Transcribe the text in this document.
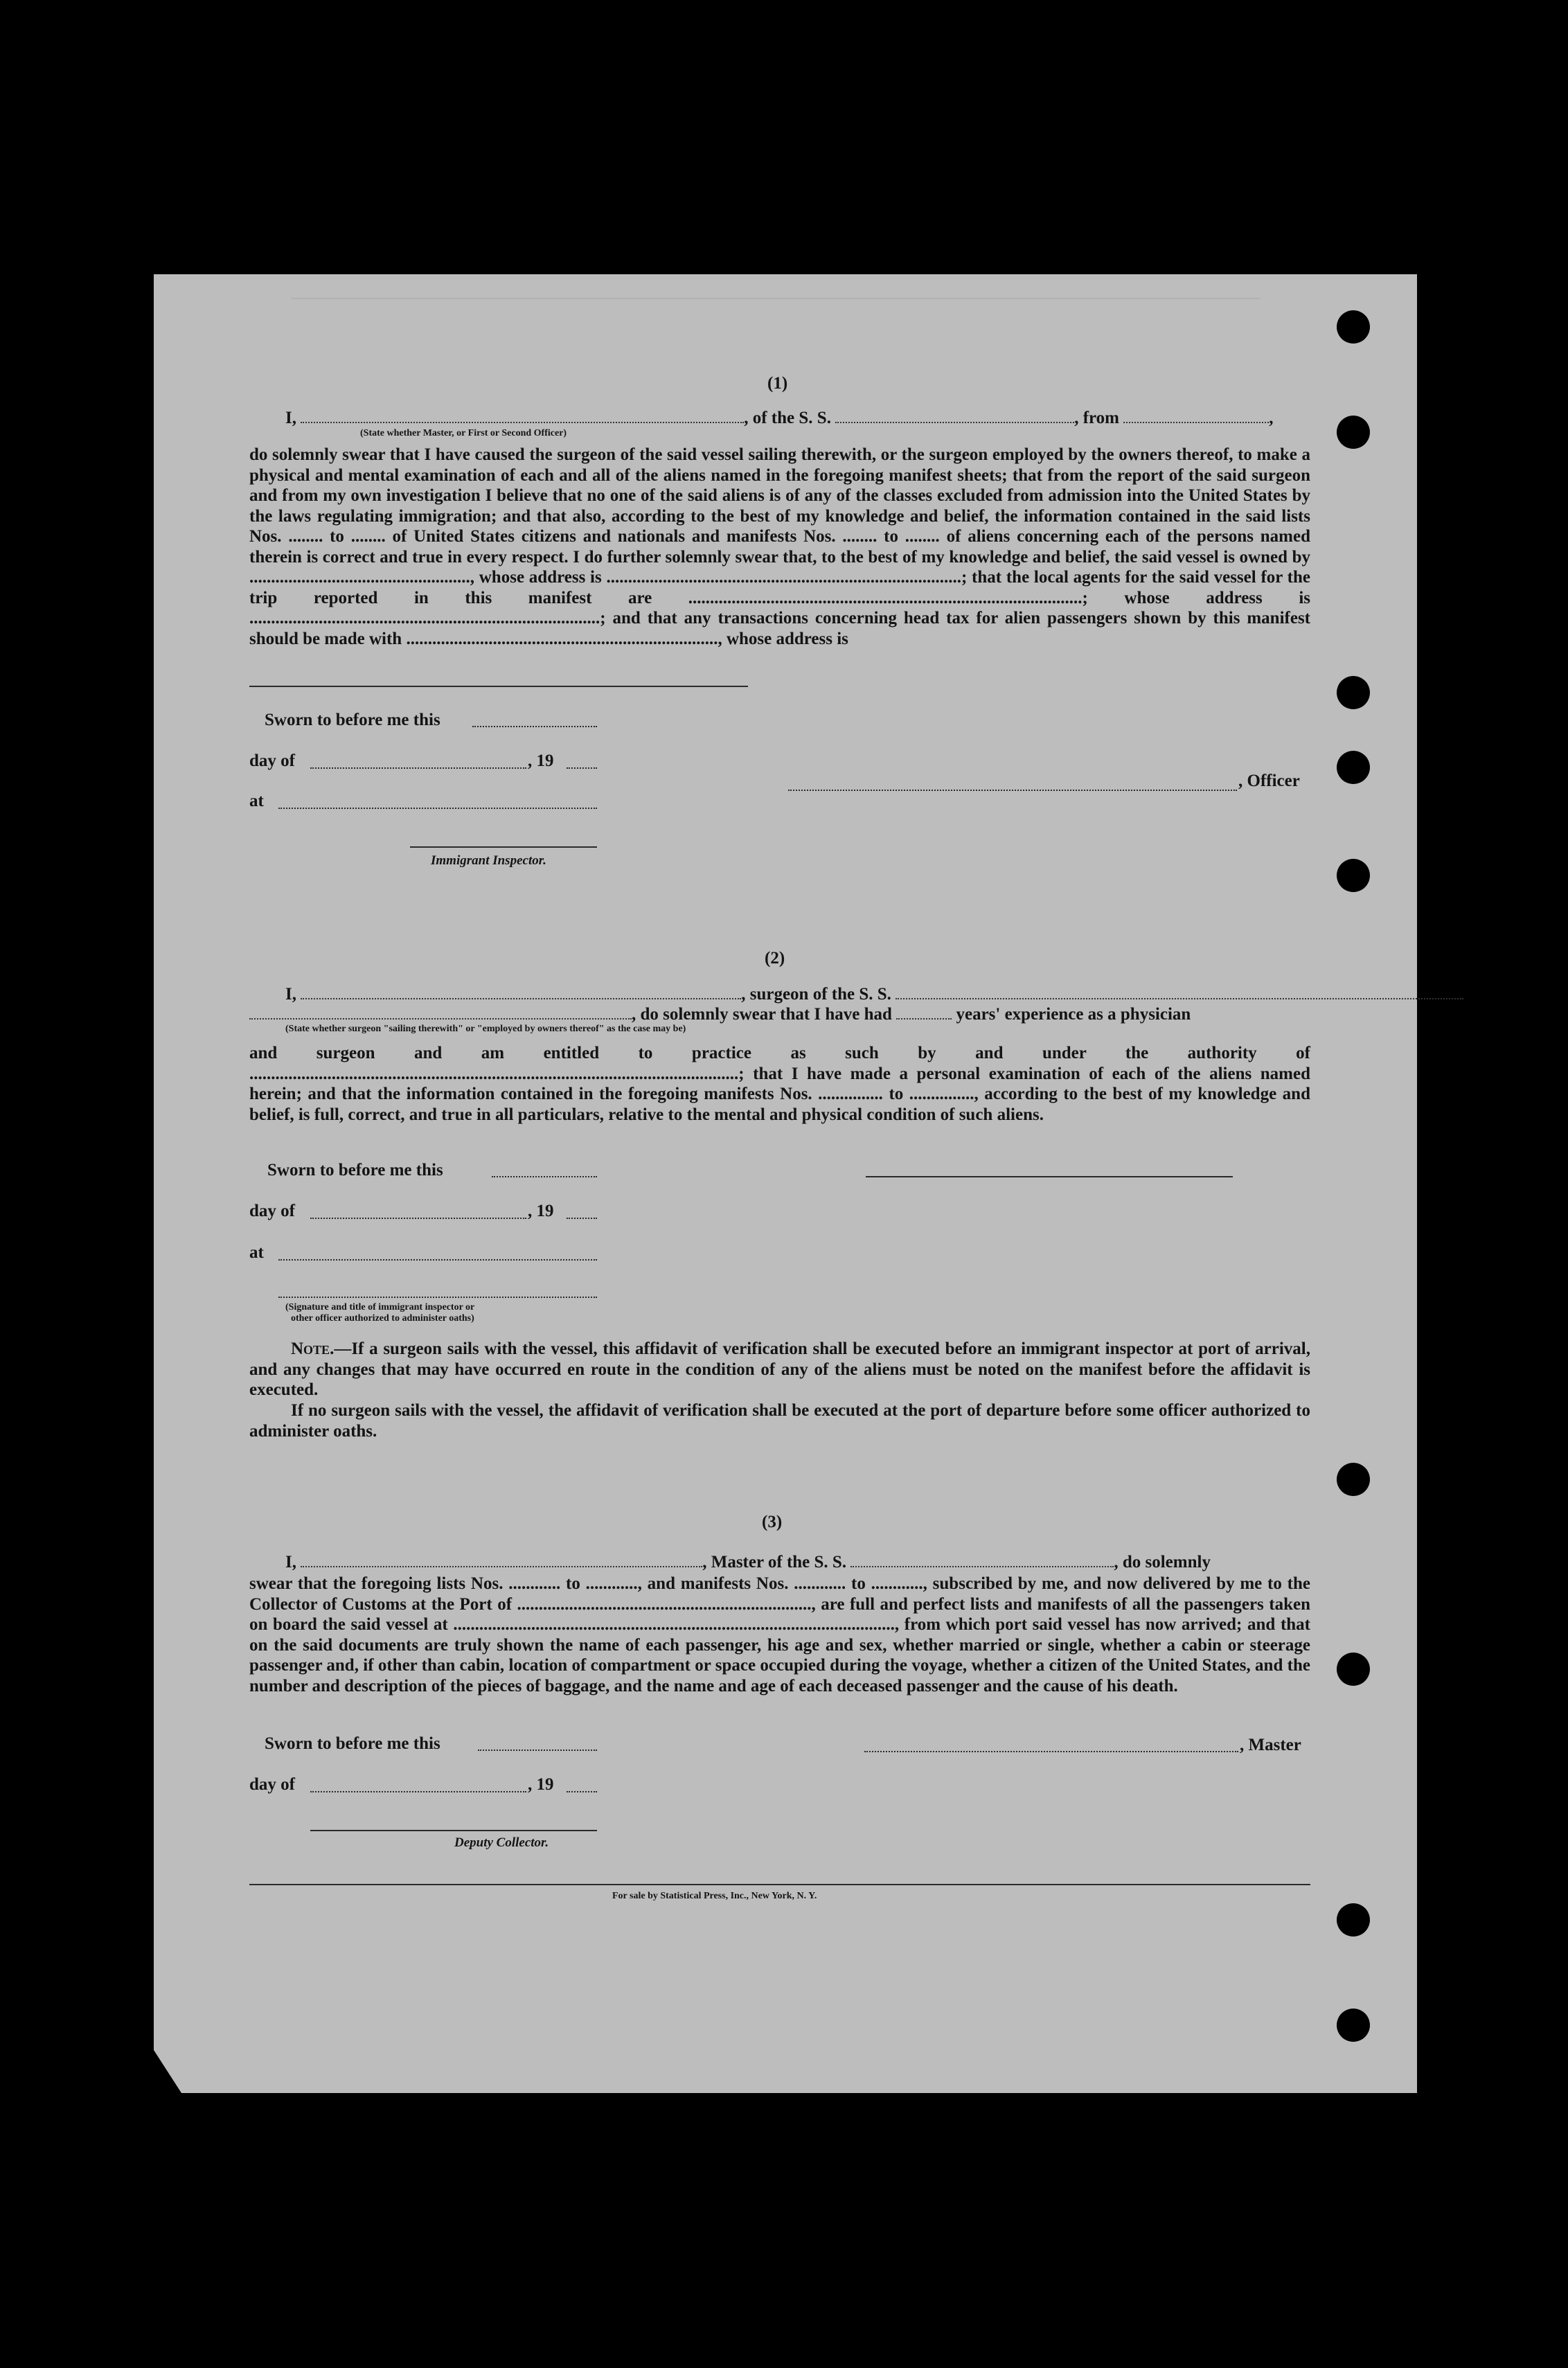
(1)
I,	, of the S. S.	, from	,
(State whether Master, or First or Second Officer)
do solemnly swear that I have caused the surgeon of the said vessel sailing therewith, or the surgeon employed by the owners thereof, to make a physical and mental examination of each and all of the aliens named in the foregoing manifest sheets; that from the report of the said surgeon and from my own investigation I believe that no one of the said aliens is of any of the classes excluded from admission into the United States by the laws regulating immigration; and that also, according to the best of my knowledge and belief, the information contained in the said lists Nos. ........ to ........ of United States citizens and nationals and manifests Nos. ........ to ........ of aliens concerning each of the persons named therein is correct and true in every respect. I do further solemnly swear that, to the best of my knowledge and belief, the said vessel is owned by ..................................................., whose address is ..................................................................................; that the local agents for the said vessel for the trip reported in this manifest are ...........................................................................................; whose address is .................................................................................; and that any transactions concerning head tax for alien passengers shown by this manifest should be made with ........................................................................, whose address is
Sworn to before me this
day of	, 19
at
, Officer
Immigrant Inspector.
(2)
I,	, surgeon of the S. S.
, do solemnly swear that I have had	years' experience as a physician
(State whether surgeon "sailing therewith" or "employed by owners thereof" as the case may be)
and surgeon and am entitled to practice as such by and under the authority of .................................................................................................................; that I have made a personal examination of each of the aliens named herein; and that the information contained in the foregoing manifests Nos. ............... to ..............., according to the best of my knowledge and belief, is full, correct, and true in all particulars, relative to the mental and physical condition of such aliens.
Sworn to before me this
day of	, 19
at
(Signature and title of immigrant inspector or
other officer authorized to administer oaths)
Note.—If a surgeon sails with the vessel, this affidavit of verification shall be executed before an immigrant inspector at port of arrival, and any changes that may have occurred en route in the condition of any of the aliens must be noted on the manifest before the affidavit is executed.
If no surgeon sails with the vessel, the affidavit of verification shall be executed at the port of departure before some officer authorized to administer oaths.
(3)
I,	, Master of the S. S.	, do solemnly
swear that the foregoing lists Nos. ............ to ............, and manifests Nos. ............ to ............, subscribed by me, and now delivered by me to the Collector of Customs at the Port of ...................................................................., are full and perfect lists and manifests of all the passengers taken on board the said vessel at ......................................................................................................, from which port said vessel has now arrived; and that on the said documents are truly shown the name of each passenger, his age and sex, whether married or single, whether a cabin or steerage passenger and, if other than cabin, location of compartment or space occupied during the voyage, whether a citizen of the United States, and the number and description of the pieces of baggage, and the name and age of each deceased passenger and the cause of his death.
Sworn to before me this	, Master
day of	, 19
Deputy Collector.
For sale by Statistical Press, Inc., New York, N. Y.
